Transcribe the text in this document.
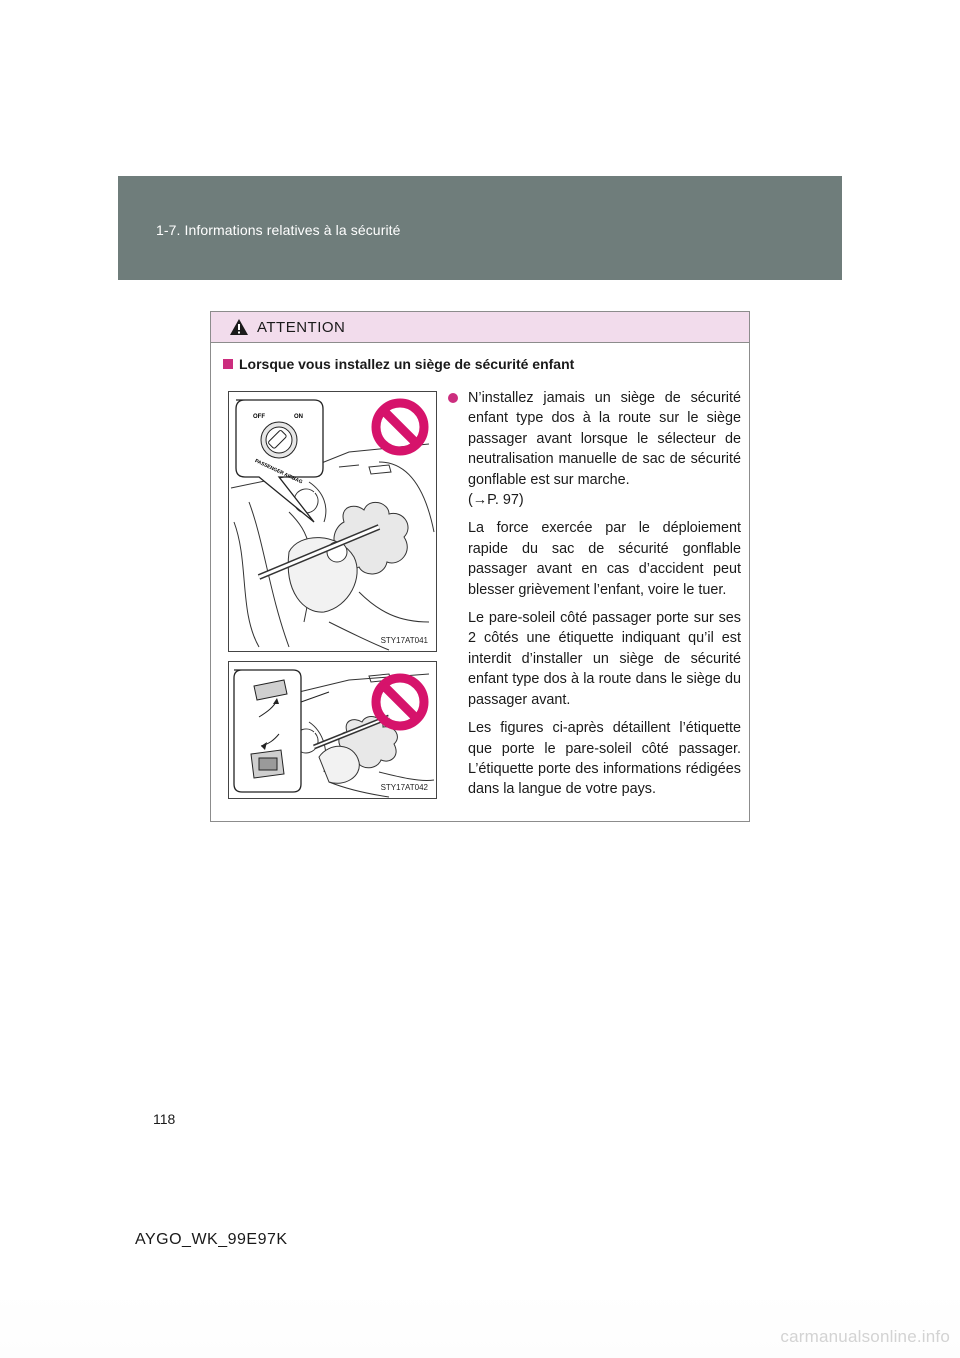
1-7. Informations relatives à la sécurité
ATTENTION
Lorsque vous installez un siège de sécurité enfant
OFF	ON
PASSENGER AIRBAG
STY17AT041
STY17AT042
N’installez jamais un siège de sécurité enfant type dos à la route sur le siège passager avant lorsque le sélecteur de neutralisation manuelle de sac de sécurité gonflable est sur marche.
(→P. 97)
La force exercée par le déploiement rapide du sac de sécurité gonflable passager avant en cas d’accident peut blesser grièvement l’enfant, voire le tuer.
Le pare-soleil côté passager porte sur ses 2 côtés une étiquette indiquant qu’il est interdit d’installer un siège de sécurité enfant type dos à la route dans le siège du passager avant.
Les figures ci-après détaillent l’étiquette que porte le pare-soleil côté passager. L’étiquette porte des informations rédigées dans la langue de votre pays.
118
AYGO_WK_99E97K
carmanualsonline.info
